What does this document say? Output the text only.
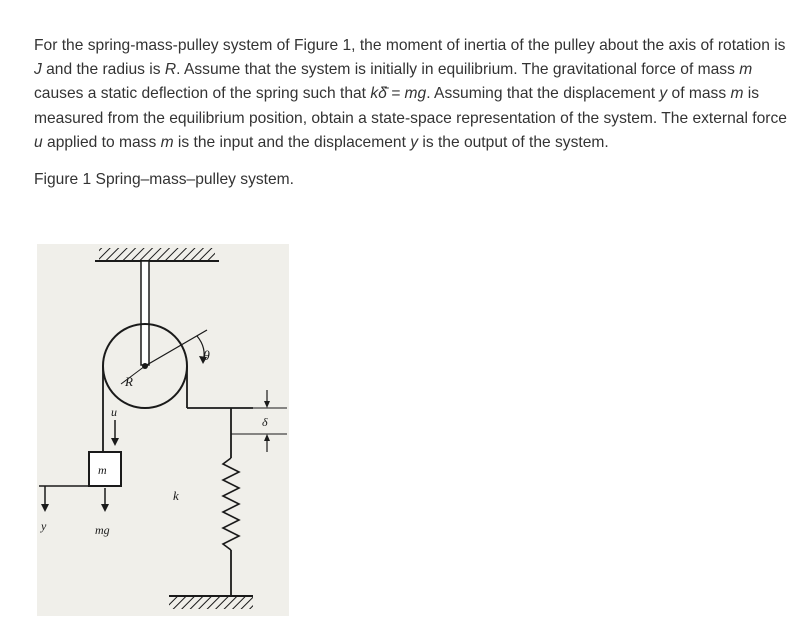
For the spring-mass-pulley system of Figure 1, the moment of inertia of the pulley about the axis of rotation is J and the radius is R. Assume that the system is initially in equilibrium. The gravitational force of mass m causes a static deflection of the spring such that kδ̄ = mg. Assuming that the displacement y of mass m is measured from the equilibrium position, obtain a state-space representation of the system. The external force u applied to mass m is the input and the displacement y is the output of the system.

Figure 1 Spring–mass–pulley system.

θ
R
u
m
y	mg
δ
k
